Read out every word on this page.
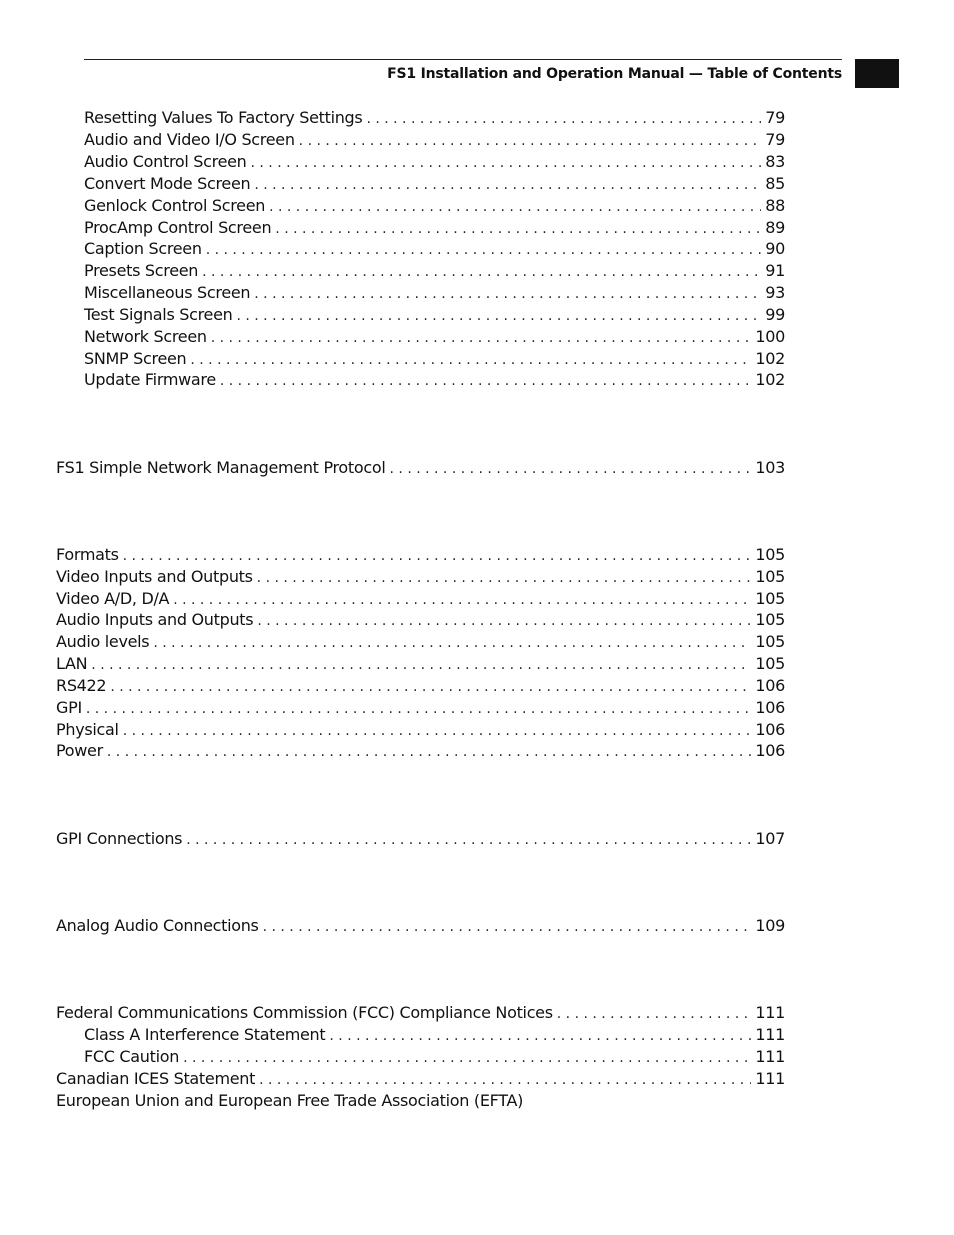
FS1 Installation and Operation Manual — Table of Contents
Resetting Values To Factory Settings . . .	79
Audio and Video I/O Screen . . .	79
Audio Control Screen . . .	83
Convert Mode Screen . . .	85
Genlock Control Screen . . .	88
ProcAmp Control Screen . . .	89
Caption Screen . . .	90
Presets Screen . . .	91
Miscellaneous Screen . . .	93
Test Signals Screen . . .	99
Network Screen . . .	100
SNMP Screen . . .	102
Update Firmware . . .	102
FS1 Simple Network Management Protocol . . .	103
Formats . . .	105
Video Inputs and Outputs . . .	105
Video A/D, D/A . . .	105
Audio Inputs and Outputs . . .	105
Audio levels . . .	105
LAN . . .	105
RS422 . . .	106
GPI . . .	106
Physical . . .	106
Power . . .	106
GPI Connections . . .	107
Analog Audio Connections . . .	109
Federal Communications Commission (FCC) Compliance Notices . . .	111
Class A Interference Statement . . .	111
FCC Caution . . .	111
Canadian ICES Statement . . .	111
European Union and European Free Trade Association (EFTA)
